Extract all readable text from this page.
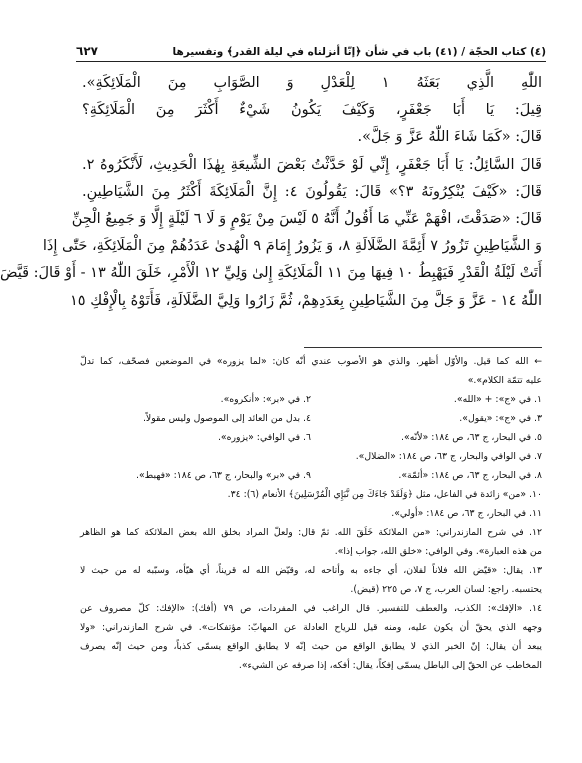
(٤) كتاب الحجّة / (٤١) باب في شأن ﴿إنّا أنزلناه في ليلة القدر﴾ وتفسيرها
٦٢٧
اللّٰهِ الَّذِي بَعَثَهُ ١ لِلْعَدْلِ وَ الصَّوَابِ مِنَ الْمَلَائِكَةِ».
قِيلَ: يَا أَبَا جَعْفَرٍ، وَكَيْفَ يَكُونُ شَيْءٌ أَكْثَرَ مِنَ الْمَلَائِكَةِ؟
قَالَ: «كَمَا شَاءَ اللّٰهُ عَزَّ وَ جَلَّ».
قَالَ السَّائِلُ: يَا أَبَا جَعْفَرٍ، إِنِّي لَوْ حَدَّثْتُ بَعْضَ الشِّيعَةِ بِهٰذَا الْحَدِيثِ، لَأَنْكَرُوهُ ٢.
قَالَ: «كَيْفَ يُنْكِرُونَهُ ٣؟» قَالَ: يَقُولُونَ ٤: إِنَّ الْمَلَائِكَةَ أَكْثَرُ مِنَ الشَّيَاطِينِ.
قَالَ: «صَدَقْتَ، افْهَمْ عَنِّي مَا أَقُولُ أَنَّهُ ٥ لَيْسَ مِنْ يَوْمٍ وَ لَا ٦ لَيْلَةٍ إِلَّا وَ جَمِيعُ الْجِنِّ
وَ الشَّيَاطِينِ تَزُورُ ٧ أَئِمَّةَ الضَّلَالَةِ ٨، وَ يَزُورُ إِمَامَ ٩ الْهُدىٰ عَدَدُهُمْ مِنَ الْمَلَائِكَةِ، حَتّٰى إِذَا
أَتَتْ لَيْلَةُ الْقَدْرِ فَيَهْبِطُ ١٠ فِيهَا مِنَ ١١ الْمَلَائِكَةِ إِلىٰ وَلِيِّ ١٢ الْأَمْرِ، خَلَقَ اللّٰهُ ١٣ - أَوْ قَالَ: قَيَّضَ
اللّٰهُ ١٤ - عَزَّ وَ جَلَّ مِنَ الشَّيَاطِينِ بِعَدَدِهِمْ، ثُمَّ زَارُوا وَلِيَّ الضَّلَالَةِ، فَأَتَوْهُ بِالْإِفْكِ ١٥
← الله كما قيل. والأوّل أظهر. والذي هو الأصوب عندي أنّه كان: «لما يزوره» في الموضعين فصحّف، كما تدلّ
عليه تتمّة الكلام».»
١. في «ج»: + «الله».
٢. في «بر»: «أنكروه».
٣. في «ج»: «يقول».
٤. بدل من العائد إلى الموصول وليس مقولاً.
٥. في البحار، ج ٦٣، ص ١٨٤: «لأنّه».
٦. في الوافي: «يزوره».
٧. في الوافي والبحار، ج ٦٣، ص ١٨٤: «الضلال».
٨. في البحار، ج ٦٣، ص ١٨٤: «أئمّة».
٩. في «بر» والبحار، ج ٦٣، ص ١٨٤: «فهبط».
١٠. «من» زائدة في الفاعل، مثل ﴿وَلَقَدْ جَاءَكَ مِن نَّبَإِي الْمُرْسَلِينَ﴾ الأنعام (٦): ٣٤.
١١. في البحار، ج ٦٣، ص ١٨٤: «أولي».
١٢. في شرح المازندراني: «من الملائكة خَلَقَ الله. ثمّ قال: ولعلّ المراد بخلق الله بعض الملائكة كما هو الظاهر
من هذه العبارة». وفي الوافي: «خلق الله، جواب إذا».
١٣. يقال: «قيّض الله فلاناً لفلان، أي جاءه به وأتاحه له، وقيّض الله له قريناً، أي هيّأه، وسبّبه له من حيث لا
يحتسبه. راجع: لسان العرب، ج ٧، ص ٢٢٥ (قيض).
١٤. «الإفك»: الكذب، والعطف للتفسير. قال الراغب في المفردات، ص ٧٩ (أفك): «الإفك: كلّ مصروف عن
وجهه الذي يحقّ أن يكون عليه، ومنه قيل للرياح العادلة عن المهابّ: مؤتفكات». في شرح المازندراني: «ولا
يبعد أن يقال: إنّ الخبر الذي لا يطابق الواقع من حيث إنّه لا يطابق الواقع يسمّى كذباً، ومن حيث إنّه يصرف
المخاطب عن الحقّ إلى الباطل يسمّى إفكاً، يقال: أفكه، إذا صرفه عن الشيء».
